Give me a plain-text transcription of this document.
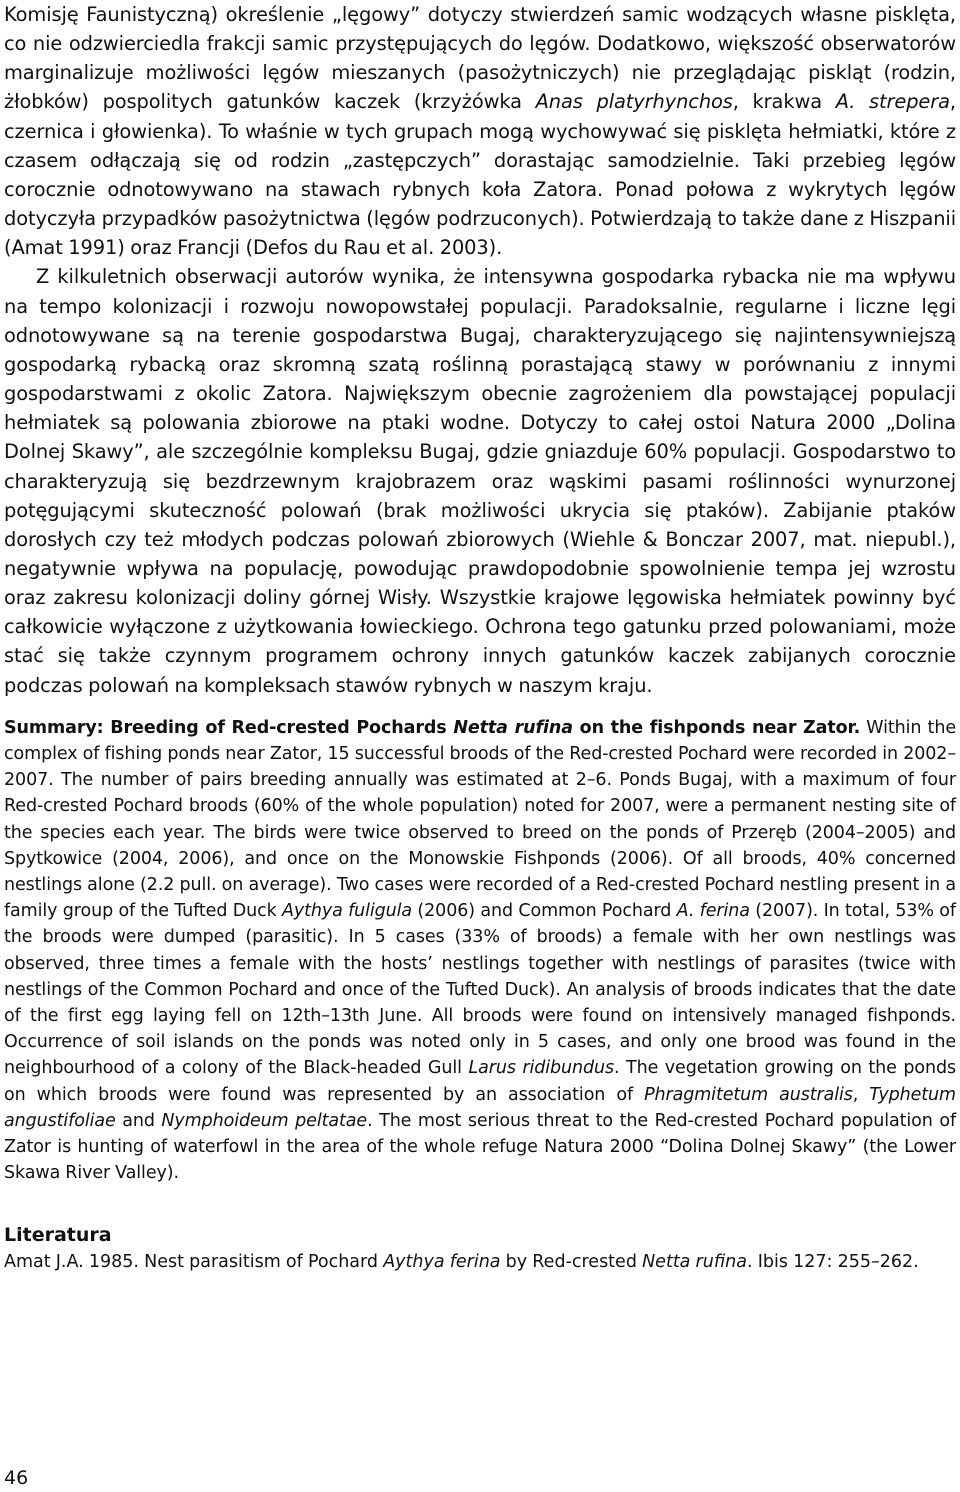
Komisję Faunistyczną) określenie „lęgowy” dotyczy stwierdzeń samic wodzących własne pisklęta, co nie odzwierciedla frakcji samic przystępujących do lęgów. Dodatkowo, większość obserwatorów marginalizuje możliwości lęgów mieszanych (pasożytniczych) nie przeglądając piskląt (rodzin, żłobków) pospolitych gatunków kaczek (krzyżówka Anas platyrhynchos, krakwa A. strepera, czernica i głowienka). To właśnie w tych grupach mogą wychowywać się pisklęta hełmiatki, które z czasem odłączają się od rodzin „zastępczych” dorastając samodzielnie. Taki przebieg lęgów corocznie odnotowywano na stawach rybnych koła Zatora. Ponad połowa z wykrytych lęgów dotyczyła przypadków pasożytnictwa (lęgów podrzuconych). Potwierdzają to także dane z Hiszpanii (Amat 1991) oraz Francji (Defos du Rau et al. 2003).

Z kilkuletnich obserwacji autorów wynika, że intensywna gospodarka rybacka nie ma wpływu na tempo kolonizacji i rozwoju nowopowstałej populacji. Paradoksalnie, regularne i liczne lęgi odnotowywane są na terenie gospodarstwa Bugaj, charakteryzującego się najintensywniejszą gospodarką rybacką oraz skromną szatą roślinną porastającą stawy w porównaniu z innymi gospodarstwami z okolic Zatora. Największym obecnie zagrożeniem dla powstającej populacji hełmiatek są polowania zbiorowe na ptaki wodne. Dotyczy to całej ostoi Natura 2000 „Dolina Dolnej Skawy”, ale szczególnie kompleksu Bugaj, gdzie gniazduje 60% populacji. Gospodarstwo to charakteryzują się bezdrzewnym krajobrazem oraz wąskimi pasami roślinności wynurzonej potęgującymi skuteczność polowań (brak możliwości ukrycia się ptaków). Zabijanie ptaków dorosłych czy też młodych podczas polowań zbiorowych (Wiehle & Bonczar 2007, mat. niepubl.), negatywnie wpływa na populację, powodując prawdopodobnie spowolnienie tempa jej wzrostu oraz zakresu kolonizacji doliny górnej Wisły. Wszystkie krajowe lęgowiska hełmiatek powinny być całkowicie wyłączone z użytkowania łowieckiego. Ochrona tego gatunku przed polowaniami, może stać się także czynnym programem ochrony innych gatunków kaczek zabijanych corocznie podczas polowań na kompleksach stawów rybnych w naszym kraju.

Summary: Breeding of Red-crested Pochards Netta rufina on the fishponds near Zator. Within the complex of fishing ponds near Zator, 15 successful broods of the Red-crested Pochard were recorded in 2002–2007. The number of pairs breeding annually was estimated at 2–6. Ponds Bugaj, with a maximum of four Red-crested Pochard broods (60% of the whole population) noted for 2007, were a permanent nesting site of the species each year. The birds were twice observed to breed on the ponds of Przeręb (2004–2005) and Spytkowice (2004, 2006), and once on the Monowskie Fishponds (2006). Of all broods, 40% concerned nestlings alone (2.2 pull. on average). Two cases were recorded of a Red-crested Pochard nestling present in a family group of the Tufted Duck Aythya fuligula (2006) and Common Pochard A. ferina (2007). In total, 53% of the broods were dumped (parasitic). In 5 cases (33% of broods) a female with her own nestlings was observed, three times a female with the hosts’ nestlings together with nestlings of parasites (twice with nestlings of the Common Pochard and once of the Tufted Duck). An analysis of broods indicates that the date of the first egg laying fell on 12th–13th June. All broods were found on intensively managed fishponds. Occurrence of soil islands on the ponds was noted only in 5 cases, and only one brood was found in the neighbourhood of a colony of the Black-headed Gull Larus ridibundus. The vegetation growing on the ponds on which broods were found was represented by an association of Phragmitetum australis, Typhetum angustifoliae and Nymphoideum peltatae. The most serious threat to the Red-crested Pochard population of Zator is hunting of waterfowl in the area of the whole refuge Natura 2000 “Dolina Dolnej Skawy” (the Lower Skawa River Valley).

Literatura

Amat J.A. 1985. Nest parasitism of Pochard Aythya ferina by Red-crested Netta rufina. Ibis 127: 255–262.

46
